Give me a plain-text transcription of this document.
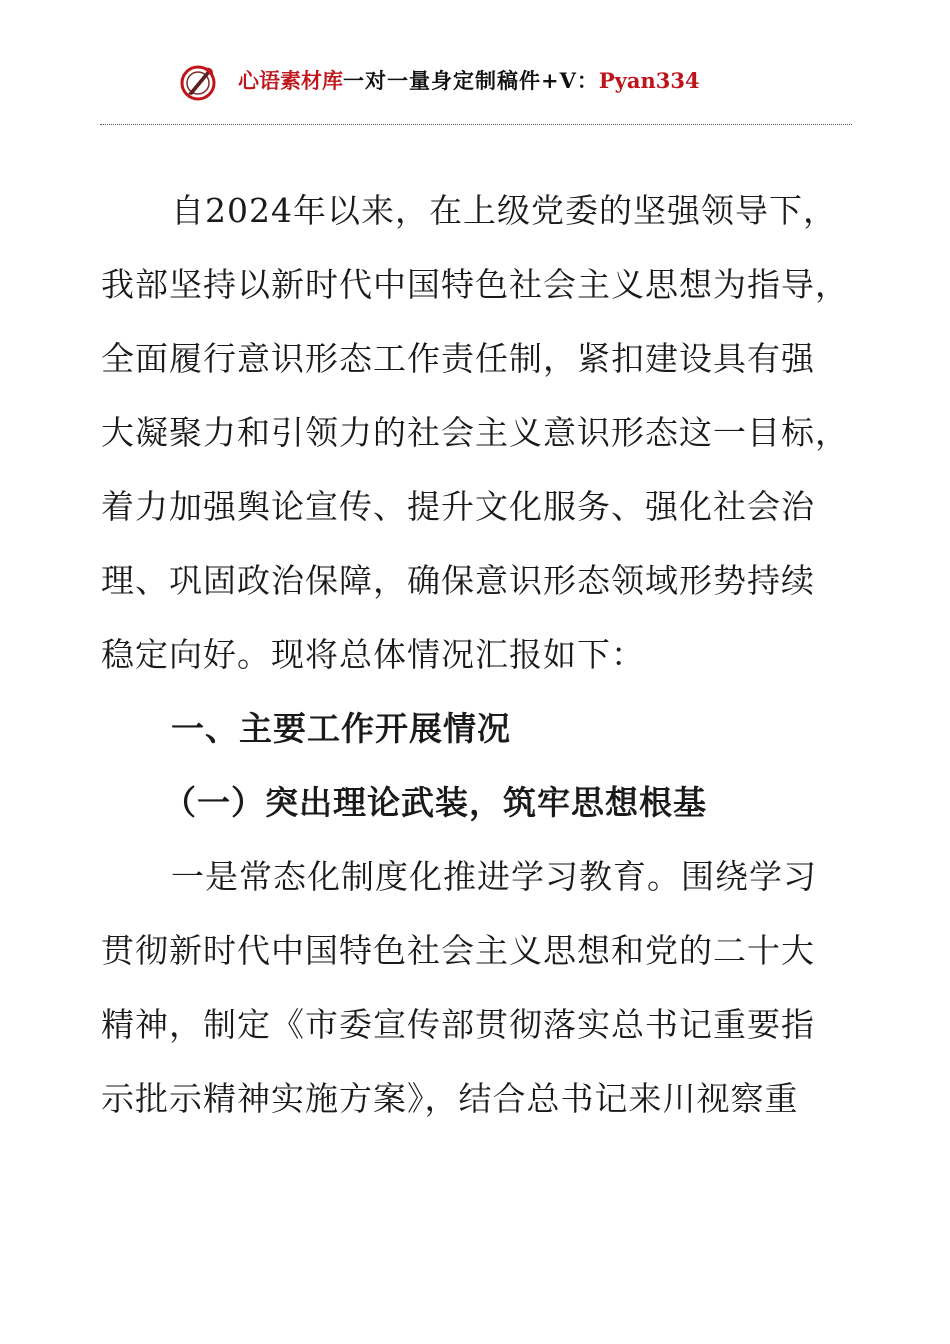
心语素材库一对一量身定制稿件+V：Pyan334
自2024年以来，在上级党委的坚强领导下，
我部坚持以新时代中国特色社会主义思想为指导，
全面履行意识形态工作责任制，紧扣建设具有强
大凝聚力和引领力的社会主义意识形态这一目标，
着力加强舆论宣传、提升文化服务、强化社会治
理、巩固政治保障，确保意识形态领域形势持续
稳定向好。现将总体情况汇报如下：
一、主要工作开展情况
（一）突出理论武装，筑牢思想根基
一是常态化制度化推进学习教育。围绕学习
贯彻新时代中国特色社会主义思想和党的二十大
精神，制定《市委宣传部贯彻落实总书记重要指
示批示精神实施方案》，结合总书记来川视察重
